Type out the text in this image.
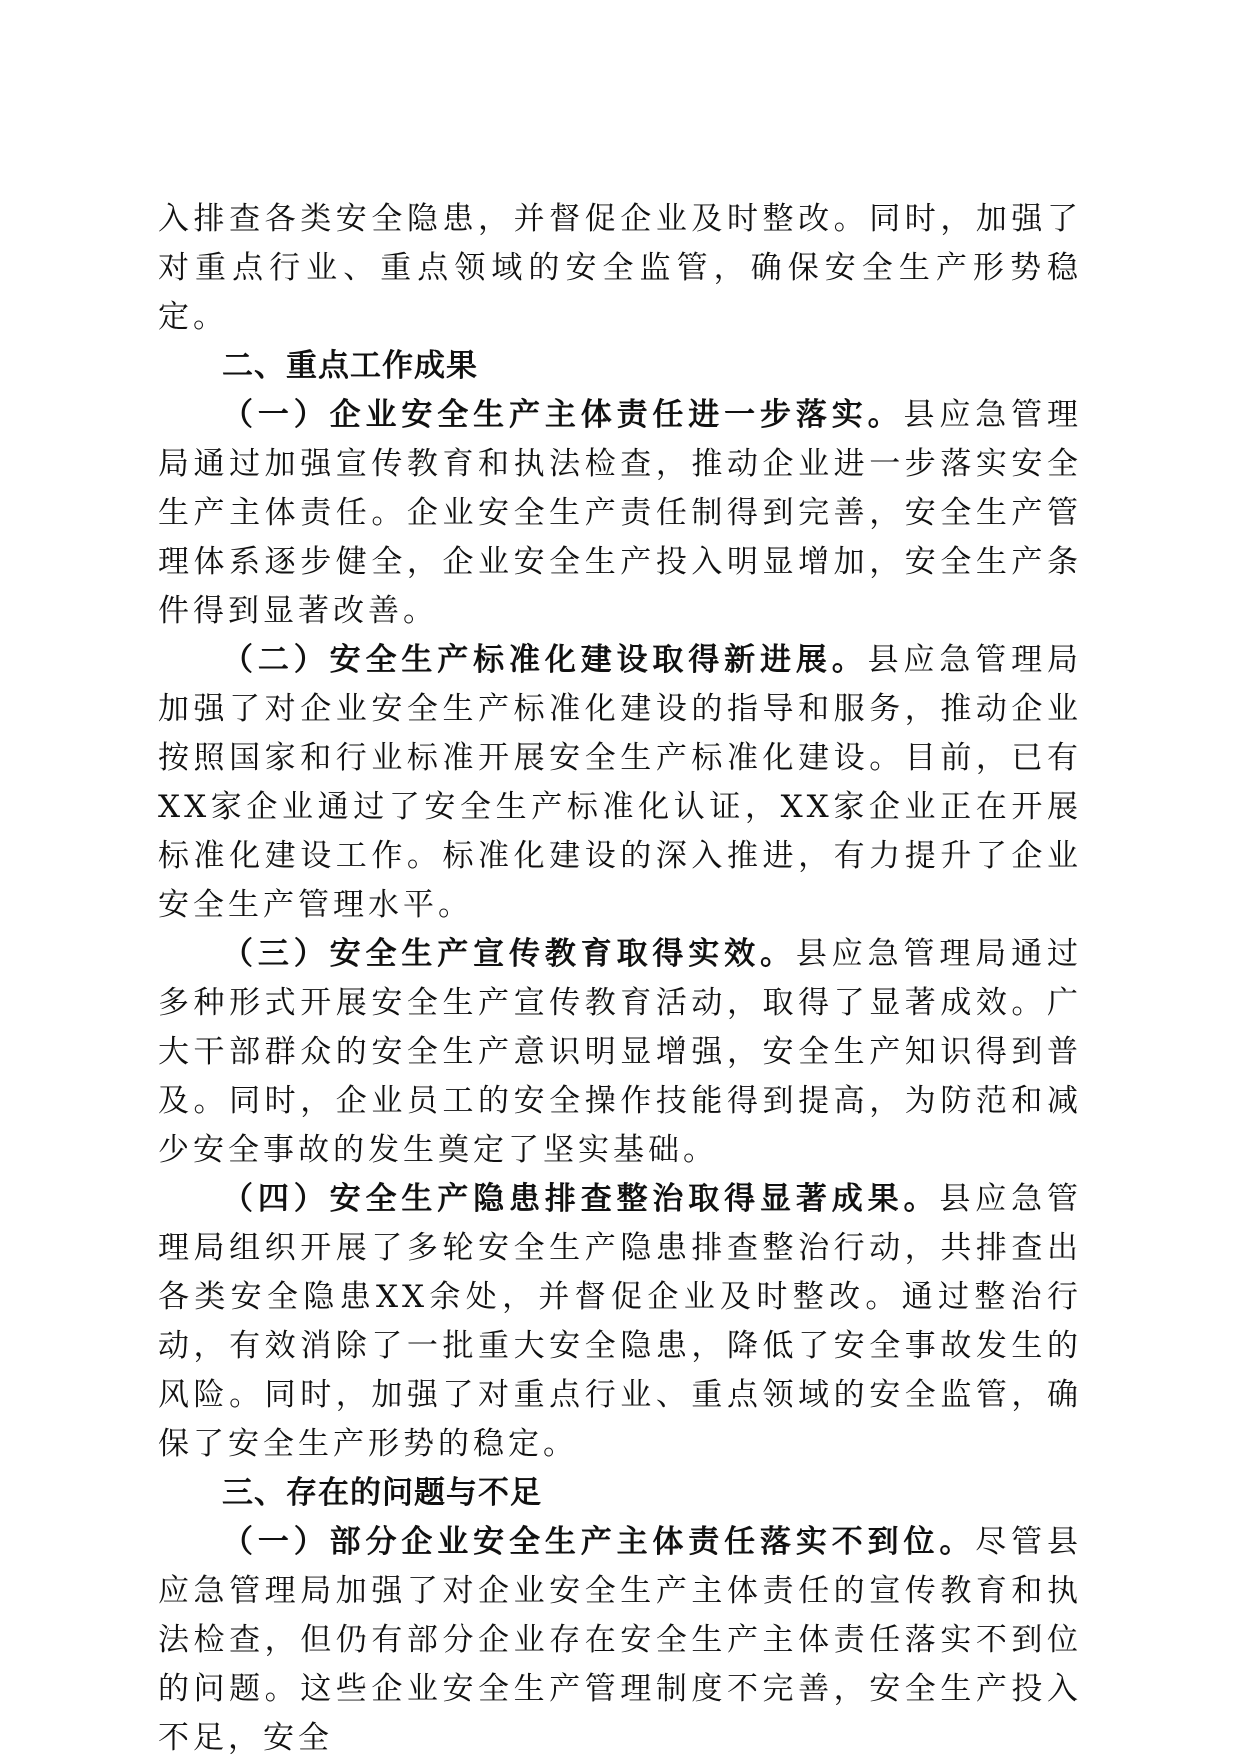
入排查各类安全隐患，并督促企业及时整改。同时，加强了对重点行业、重点领域的安全监管，确保安全生产形势稳定。

二、重点工作成果

（一）企业安全生产主体责任进一步落实。县应急管理局通过加强宣传教育和执法检查，推动企业进一步落实安全生产主体责任。企业安全生产责任制得到完善，安全生产管理体系逐步健全，企业安全生产投入明显增加，安全生产条件得到显著改善。

（二）安全生产标准化建设取得新进展。县应急管理局加强了对企业安全生产标准化建设的指导和服务，推动企业按照国家和行业标准开展安全生产标准化建设。目前，已有XX家企业通过了安全生产标准化认证，XX家企业正在开展标准化建设工作。标准化建设的深入推进，有力提升了企业安全生产管理水平。

（三）安全生产宣传教育取得实效。县应急管理局通过多种形式开展安全生产宣传教育活动，取得了显著成效。广大干部群众的安全生产意识明显增强，安全生产知识得到普及。同时，企业员工的安全操作技能得到提高，为防范和减少安全事故的发生奠定了坚实基础。

（四）安全生产隐患排查整治取得显著成果。县应急管理局组织开展了多轮安全生产隐患排查整治行动，共排查出各类安全隐患XX余处，并督促企业及时整改。通过整治行动，有效消除了一批重大安全隐患，降低了安全事故发生的风险。同时，加强了对重点行业、重点领域的安全监管，确保了安全生产形势的稳定。

三、存在的问题与不足

（一）部分企业安全生产主体责任落实不到位。尽管县应急管理局加强了对企业安全生产主体责任的宣传教育和执法检查，但仍有部分企业存在安全生产主体责任落实不到位的问题。这些企业安全生产管理制度不完善，安全生产投入不足，安全
